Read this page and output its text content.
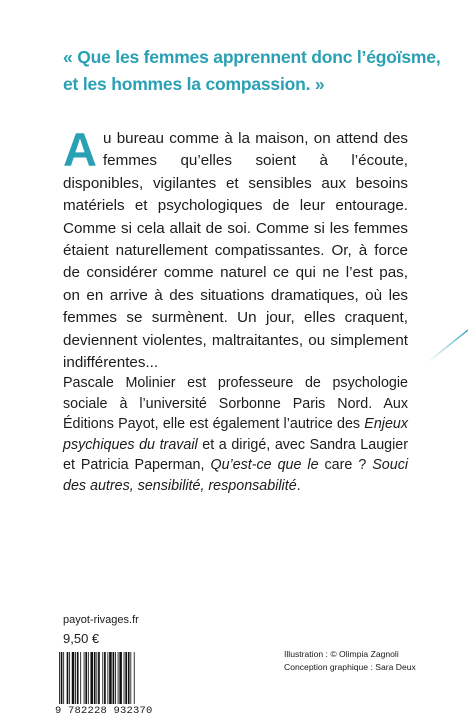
« Que les femmes apprennent donc l’égoïsme,
et les hommes la compassion. »
Au bureau comme à la maison, on attend des femmes qu’elles soient à l’écoute, disponibles, vigilantes et sensibles aux besoins matériels et psychologiques de leur entourage. Comme si cela allait de soi. Comme si les femmes étaient naturellement compatissantes. Or, à force de considérer comme naturel ce qui ne l’est pas, on en arrive à des situations dramatiques, où les femmes se surmènent. Un jour, elles craquent, deviennent violentes, maltraitantes, ou simplement indifférentes...
Pascale Molinier est professeure de psychologie sociale à l’université Sorbonne Paris Nord. Aux Éditions Payot, elle est également l’autrice des Enjeux psychiques du travail et a dirigé, avec Sandra Laugier et Patricia Paperman, Qu’est-ce que le care ? Souci des autres, sensibilité, responsabilité.
payot-rivages.fr
9,50 €
9 782228 932370
Illustration : © Olimpia Zagnoli
Conception graphique : Sara Deux
